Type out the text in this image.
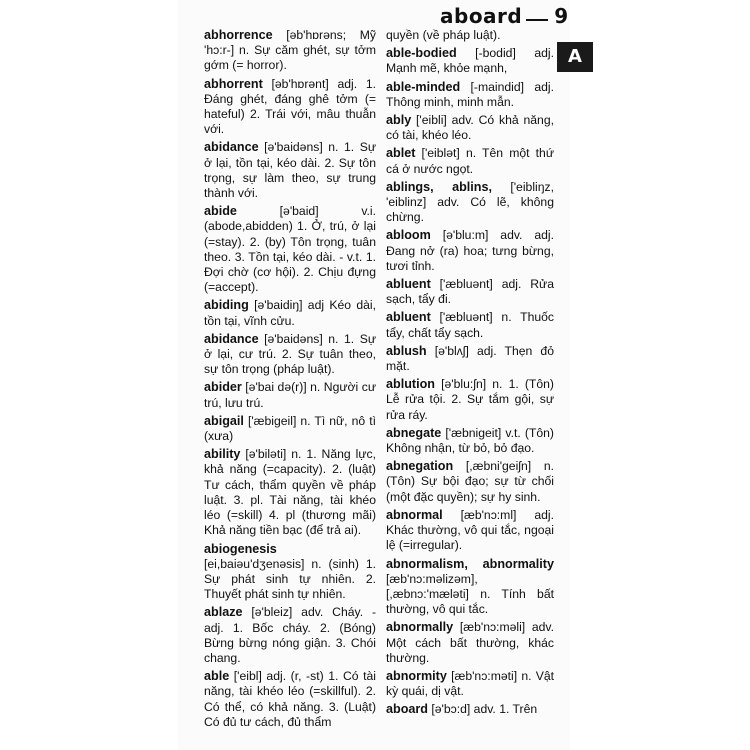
aboard 9
A
abhorrence [əb'hɒrəns; Mỹ 'hɔ:r-] n. Sự căm ghét, sự tởm gớm (= horror).
abhorrent [əb'hɒrənt] adj. 1. Đáng ghét, đáng ghê tởm (= hateful) 2. Trái với, mâu thuẫn với.
abidance [ə'baidəns] n. 1. Sự ở lại, tồn tại, kéo dài. 2. Sự tôn trọng, sự làm theo, sự trung thành với.
abide [ə'baid] v.i. (abode,abidden) 1. Ở, trú, ở lại (=stay). 2. (by) Tôn trọng, tuân theo. 3. Tồn tại, kéo dài. - v.t. 1. Đợi chờ (cơ hội). 2. Chịu đựng (=accept).
abiding [ə'baidiŋ] adj Kéo dài, tồn tại, vĩnh cửu.
abidance [ə'baidəns] n. 1. Sự ở lại, cư trú. 2. Sự tuân theo, sự tôn trọng (pháp luật).
abider [ə'bai də(r)] n. Người cư trú, lưu trú.
abigail ['æbigeil] n. Tì nữ, nô tì (xưa)
ability [ə'biləti] n. 1. Năng lực, khả năng (=capacity). 2. (luật) Tư cách, thẩm quyền về pháp luật. 3. pl. Tài năng, tài khéo léo (=skill) 4. pl (thương mãi) Khả năng tiền bạc (để trả ai).
abiogenesis [ei,baiəu'dʒenəsis] n. (sinh) 1. Sự phát sinh tự nhiên. 2. Thuyết phát sinh tự nhiên.
ablaze [ə'bleiz] adv. Cháy. - adj. 1. Bốc cháy. 2. (Bóng) Bừng bừng nóng giận. 3. Chói chang.
able ['eibl] adj. (r, -st) 1. Có tài năng, tài khéo léo (=skillful). 2. Có thể, có khả năng. 3. (Luật) Có đủ tư cách, đủ thẩm
quyền (về pháp luật).
able-bodied [-bodid] adj. Mạnh mẽ, khỏe mạnh,
able-minded [-maindid] adj. Thông minh, minh mẫn.
ably ['eibli] adv. Có khả năng, có tài, khéo léo.
ablet ['eiblət] n. Tên một thứ cá ở nước ngọt.
ablings, ablins, ['eibliŋz, 'eiblinz] adv. Có lẽ, không chừng.
abloom [ə'blu:m] adv. adj. Đang nở (ra) hoa; tưng bừng, tươi tỉnh.
abluent ['æbluənt] adj. Rửa sạch, tẩy đi.
abluent ['æbluənt] n. Thuốc tẩy, chất tẩy sạch.
ablush [ə'blʌʃ] adj. Thẹn đỏ mặt.
ablution [ə'blu:ʃn] n. 1. (Tôn) Lễ rửa tội. 2. Sự tắm gội, sự rửa ráy.
abnegate ['æbnigeit] v.t. (Tôn) Không nhận, từ bỏ, bỏ đạo.
abnegation [,æbni'geiʃn] n. (Tôn) Sự bội đạo; sự từ chối (một đặc quyền); sự hy sinh.
abnormal [æb'nɔ:ml] adj. Khác thường, vô qui tắc, ngoại lệ (=irregular).
abnormalism, abnormality [æb'nɔ:məlizəm], [,æbnɔ:'mæləti] n. Tính bất thường, vô qui tắc.
abnormally [æb'nɔ:məli] adv. Một cách bất thường, khác thường.
abnormity [æb'nɔ:məti] n. Vật kỳ quái, dị vật.
aboard [ə'bɔ:d] adv. 1. Trên
